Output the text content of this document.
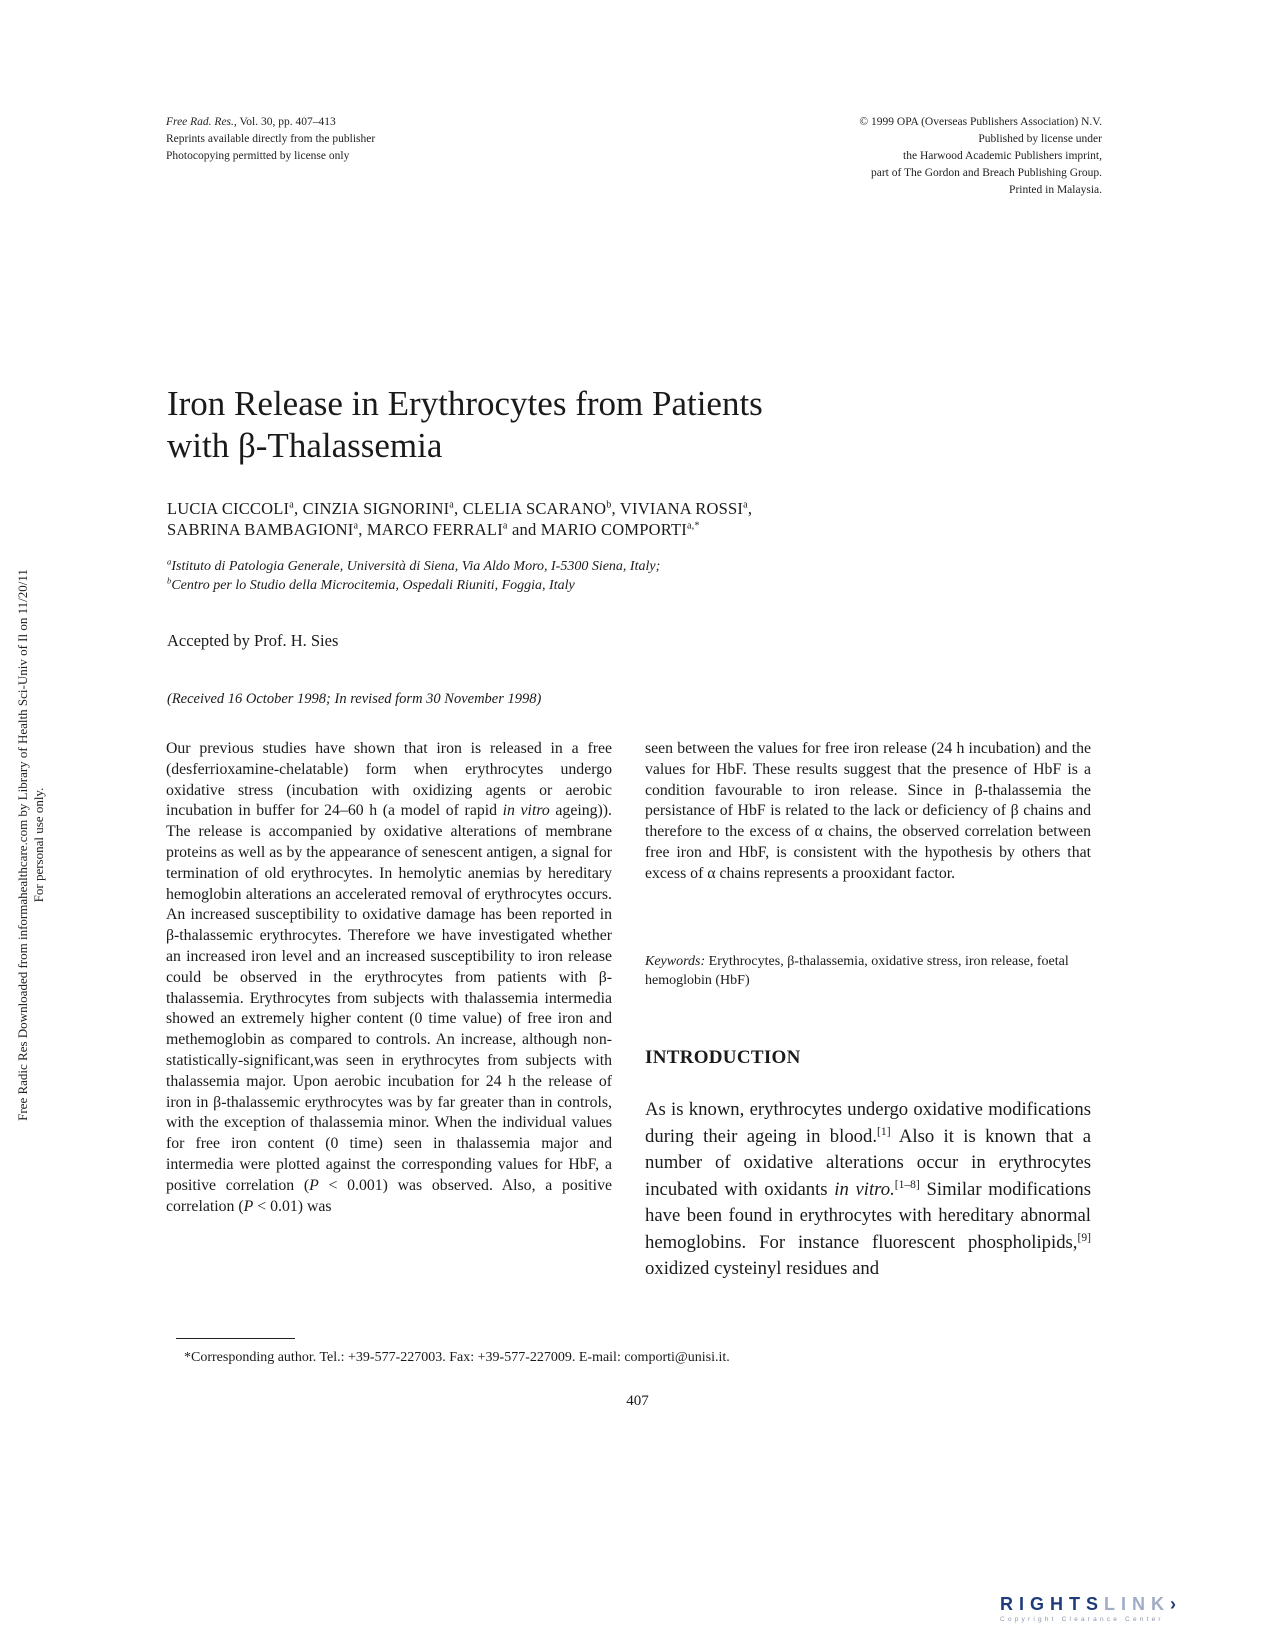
Free Rad. Res., Vol. 30, pp. 407–413
Reprints available directly from the publisher
Photocopying permitted by license only
© 1999 OPA (Overseas Publishers Association) N.V.
Published by license under
the Harwood Academic Publishers imprint,
part of The Gordon and Breach Publishing Group.
Printed in Malaysia.
Free Radic Res Downloaded from informahealthcare.com by Library of Health Sci-Univ of Il on 11/20/11 For personal use only.
Iron Release in Erythrocytes from Patients
with β-Thalassemia
LUCIA CICCOLI$^a$, CINZIA SIGNORINI$^a$, CLELIA SCARANO$^b$, VIVIANA ROSSI$^a$,
SABRINA BAMBAGIONI$^a$, MARCO FERRALI$^a$ and MARIO $COMPORTI^{a,*}$
$^a$Istituto di Patologia Generale, Università di Siena, Via Aldo Moro, I-5300 Siena, Italy;
$^b$Centro per lo Studio della Microcitemia, Ospedali Riuniti, Foggia, Italy
Accepted by Prof. H. Sies
(Received 16 October 1998; In revised form 30 November 1998)

Our previous studies have shown that iron is released in a free (desferrioxamine-chelatable) form when erythrocytes undergo oxidative stress (incubation with oxidizing agents or aerobic incubation in buffer for 24–60 h (a model of rapid in vitro ageing)). The release is accompanied by oxidative alterations of membrane proteins as well as by the appearance of senescent antigen, a signal for termination of old erythrocytes. In hemolytic anemias by hereditary hemoglobin alterations an accelerated removal of erythrocytes occurs. An increased susceptibility to oxidative damage has been reported in β-thalassemic erythrocytes. Therefore we have investigated whether an increased iron level and an increased susceptibility to iron release could be observed in the erythrocytes from patients with β-thalassemia. Erythrocytes from subjects with thalassemia intermedia showed an extremely higher content (0 time value) of free iron and methemoglobin as compared to controls. An increase, although non-statistically-significant,was seen in erythrocytes from subjects with thalassemia major. Upon aerobic incubation for 24 h the release of iron in β-thalassemic erythrocytes was by far greater than in controls, with the exception of thalassemia minor. When the individual values for free iron content (0 time) seen in thalassemia major and intermedia were plotted against the corresponding values for HbF, a positive correlation (P < 0.001) was observed. Also, a positive correlation (P < 0.01) was

seen between the values for free iron release (24 h incubation) and the values for HbF. These results suggest that the presence of HbF is a condition favourable to iron release. Since in β-thalassemia the persistance of HbF is related to the lack or deficiency of β chains and therefore to the excess of α chains, the observed correlation between free iron and HbF, is consistent with the hypothesis by others that excess of α chains represents a prooxidant factor.

Keywords: Erythrocytes, β-thalassemia, oxidative stress, iron release, foetal hemoglobin (HbF)
INTRODUCTION

As is known, erythrocytes undergo oxidative modifications during their ageing in blood.[1] Also it is known that a number of oxidative alterations occur in erythrocytes incubated with oxidants in vitro.[1–8] Similar modifications have been found in erythrocytes with hereditary abnormal hemoglobins. For instance fluorescent phospholipids,[9] oxidized cysteinyl residues and

*Corresponding author. Tel.: +39-577-227003. Fax: +39-577-227009. E-mail: comporti@unisi.it.
407
RIGHTSLINK›
Copyright Clearance Center
